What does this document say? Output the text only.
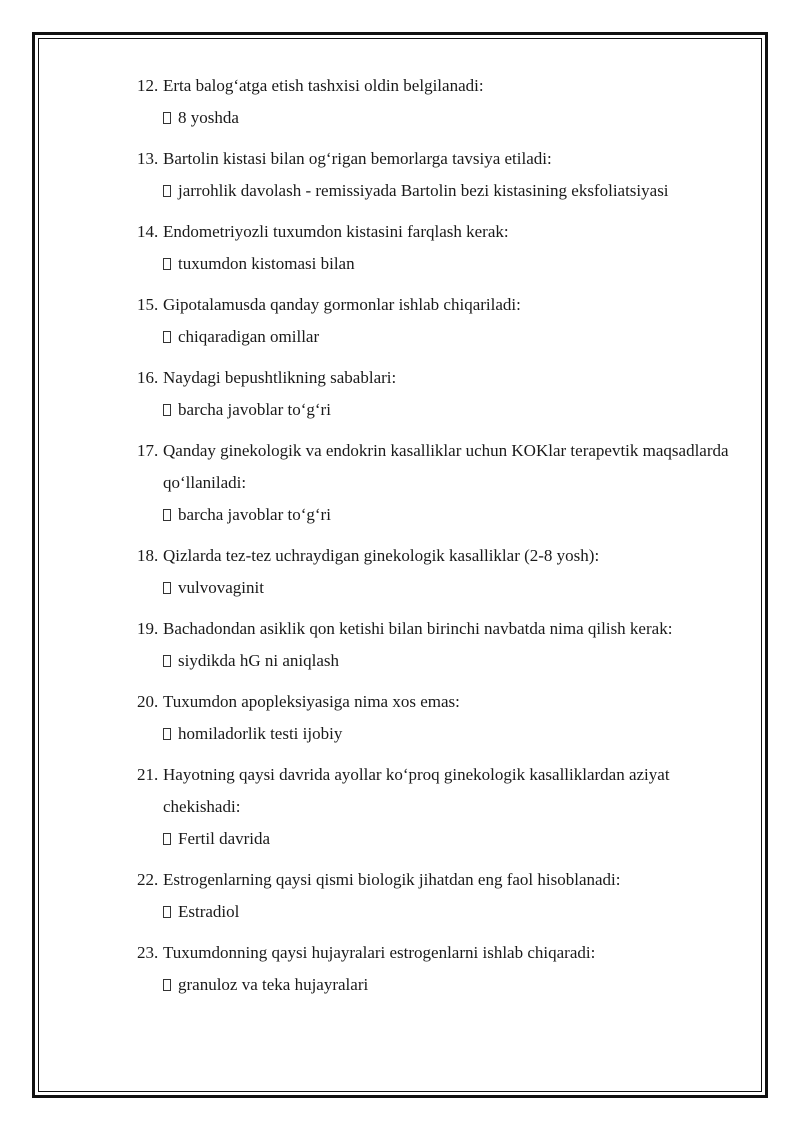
12. Erta balog‘atga etish tashxisi oldin belgilanadi:

8 yoshda

13. Bartolin kistasi bilan og‘rigan bemorlarga tavsiya etiladi:

jarrohlik davolash - remissiyada Bartolin bezi kistasining eksfoliatsiyasi

14. Endometriyozli tuxumdon kistasini farqlash kerak:

tuxumdon kistomasi bilan

15. Gipotalamusda qanday gormonlar ishlab chiqariladi:

chiqaradigan omillar

16. Naydagi bepushtlikning sabablari:

barcha javoblar to‘g‘ri

17. Qanday ginekologik va endokrin kasalliklar uchun KOKlar terapevtik maqsadlarda qo‘llaniladi:

barcha javoblar to‘g‘ri

18. Qizlarda tez-tez uchraydigan ginekologik kasalliklar (2-8 yosh):

vulvovaginit

19. Bachadondan asiklik qon ketishi bilan birinchi navbatda nima qilish kerak:

siydikda hG ni aniqlash

20. Tuxumdon apopleksiyasiga nima xos emas:

homiladorlik testi ijobiy

21. Hayotning qaysi davrida ayollar ko‘proq ginekologik kasalliklardan aziyat chekishadi:

Fertil davrida

22. Estrogenlarning qaysi qismi biologik jihatdan eng faol hisoblanadi:

Estradiol

23. Tuxumdonning qaysi hujayralari estrogenlarni ishlab chiqaradi:

granuloz va teka hujayralari
